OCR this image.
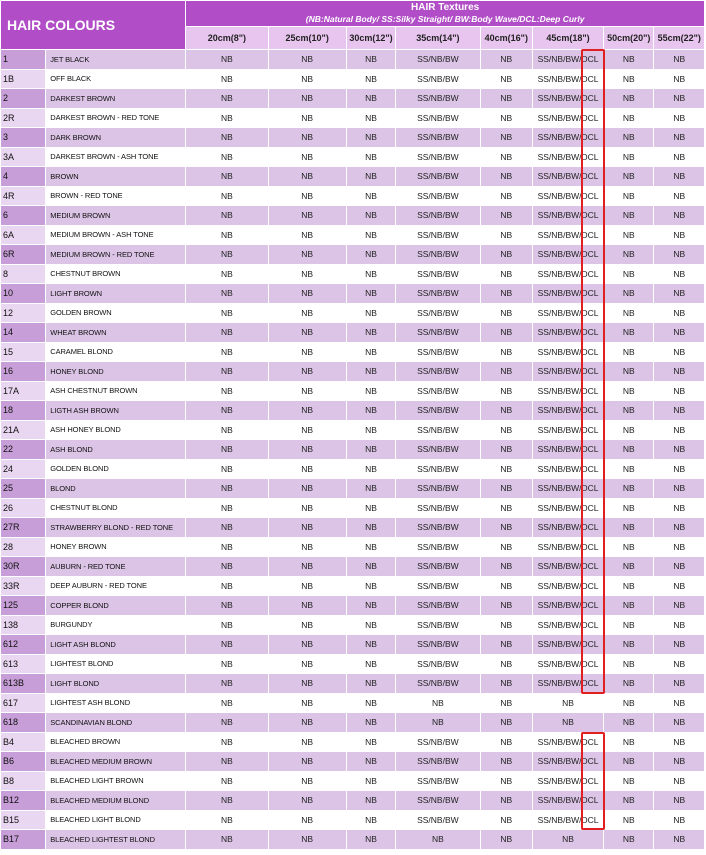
HAIR COLOURS		HAIR Textures
(NB:Natural Body/ SS:Silky Straight/ BW:Body Wave/DCL:Deep Curly							

		20cm(8")	25cm(10")	30cm(12")	35cm(14")	40cm(16")	45cm(18")	50cm(20")	55cm(22")
1	JET BLACK	NB	NB	NB	SS/NB/BW	NB	SS/NB/BW/DCL	NB	NB
1B	OFF BLACK	NB	NB	NB	SS/NB/BW	NB	SS/NB/BW/DCL	NB	NB
2	DARKEST BROWN	NB	NB	NB	SS/NB/BW	NB	SS/NB/BW/DCL	NB	NB
2R	DARKEST BROWN - RED TONE	NB	NB	NB	SS/NB/BW	NB	SS/NB/BW/DCL	NB	NB
3	DARK BROWN	NB	NB	NB	SS/NB/BW	NB	SS/NB/BW/DCL	NB	NB
3A	DARKEST BROWN - ASH TONE	NB	NB	NB	SS/NB/BW	NB	SS/NB/BW/DCL	NB	NB
4	BROWN	NB	NB	NB	SS/NB/BW	NB	SS/NB/BW/DCL	NB	NB
4R	BROWN - RED TONE	NB	NB	NB	SS/NB/BW	NB	SS/NB/BW/DCL	NB	NB
6	MEDIUM BROWN	NB	NB	NB	SS/NB/BW	NB	SS/NB/BW/DCL	NB	NB
6A	MEDIUM BROWN - ASH TONE	NB	NB	NB	SS/NB/BW	NB	SS/NB/BW/DCL	NB	NB
6R	MEDIUM BROWN - RED TONE	NB	NB	NB	SS/NB/BW	NB	SS/NB/BW/DCL	NB	NB
8	CHESTNUT BROWN	NB	NB	NB	SS/NB/BW	NB	SS/NB/BW/DCL	NB	NB
10	LIGHT BROWN	NB	NB	NB	SS/NB/BW	NB	SS/NB/BW/DCL	NB	NB
12	GOLDEN BROWN	NB	NB	NB	SS/NB/BW	NB	SS/NB/BW/DCL	NB	NB
14	WHEAT BROWN	NB	NB	NB	SS/NB/BW	NB	SS/NB/BW/DCL	NB	NB
15	CARAMEL BLOND	NB	NB	NB	SS/NB/BW	NB	SS/NB/BW/DCL	NB	NB
16	HONEY BLOND	NB	NB	NB	SS/NB/BW	NB	SS/NB/BW/DCL	NB	NB
17A	ASH CHESTNUT BROWN	NB	NB	NB	SS/NB/BW	NB	SS/NB/BW/DCL	NB	NB
18	LIGTH ASH BROWN	NB	NB	NB	SS/NB/BW	NB	SS/NB/BW/DCL	NB	NB
21A	ASH HONEY BLOND	NB	NB	NB	SS/NB/BW	NB	SS/NB/BW/DCL	NB	NB
22	ASH BLOND	NB	NB	NB	SS/NB/BW	NB	SS/NB/BW/DCL	NB	NB
24	GOLDEN BLOND	NB	NB	NB	SS/NB/BW	NB	SS/NB/BW/DCL	NB	NB
25	BLOND	NB	NB	NB	SS/NB/BW	NB	SS/NB/BW/DCL	NB	NB
26	CHESTNUT BLOND	NB	NB	NB	SS/NB/BW	NB	SS/NB/BW/DCL	NB	NB
27R	STRAWBERRY BLOND - RED TONE	NB	NB	NB	SS/NB/BW	NB	SS/NB/BW/DCL	NB	NB
28	HONEY BROWN	NB	NB	NB	SS/NB/BW	NB	SS/NB/BW/DCL	NB	NB
30R	AUBURN - RED TONE	NB	NB	NB	SS/NB/BW	NB	SS/NB/BW/DCL	NB	NB
33R	DEEP AUBURN - RED TONE	NB	NB	NB	SS/NB/BW	NB	SS/NB/BW/DCL	NB	NB
125	COPPER BLOND	NB	NB	NB	SS/NB/BW	NB	SS/NB/BW/DCL	NB	NB
138	BURGUNDY	NB	NB	NB	SS/NB/BW	NB	SS/NB/BW/DCL	NB	NB
612	LIGHT ASH BLOND	NB	NB	NB	SS/NB/BW	NB	SS/NB/BW/DCL	NB	NB
613	LIGHTEST BLOND	NB	NB	NB	SS/NB/BW	NB	SS/NB/BW/DCL	NB	NB
613B	LIGHT BLOND	NB	NB	NB	SS/NB/BW	NB	SS/NB/BW/DCL	NB	NB
617	LIGHTEST ASH BLOND	NB	NB	NB	NB	NB	NB	NB	NB
618	SCANDINAVIAN BLOND	NB	NB	NB	NB	NB	NB	NB	NB
B4	BLEACHED BROWN	NB	NB	NB	SS/NB/BW	NB	SS/NB/BW/DCL	NB	NB
B6	BLEACHED MEDIUM BROWN	NB	NB	NB	SS/NB/BW	NB	SS/NB/BW/DCL	NB	NB
B8	BLEACHED LIGHT BROWN	NB	NB	NB	SS/NB/BW	NB	SS/NB/BW/DCL	NB	NB
B12	BLEACHED MEDIUM BLOND	NB	NB	NB	SS/NB/BW	NB	SS/NB/BW/DCL	NB	NB
B15	BLEACHED LIGHT BLOND	NB	NB	NB	SS/NB/BW	NB	SS/NB/BW/DCL	NB	NB
B17	BLEACHED LIGHTEST BLOND	NB	NB	NB	NB	NB	NB	NB	NB
